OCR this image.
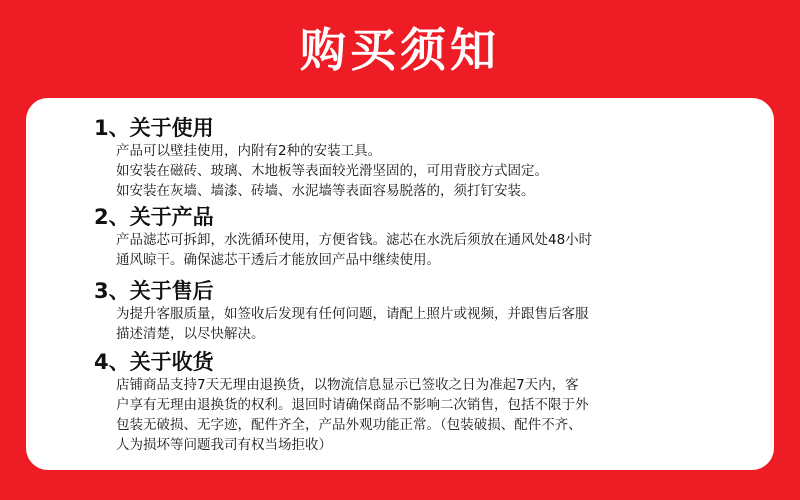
购买须知
1、关于使用
产品可以壁挂使用，内附有2种的安装工具。
如安装在磁砖、玻璃、木地板等表面较光滑坚固的，可用背胶方式固定。
如安装在灰墙、墙漆、砖墙、水泥墙等表面容易脱落的，须打钉安装。
2、关于产品
产品滤芯可拆卸，水洗循环使用，方便省钱。滤芯在水洗后须放在通风处48小时
通风晾干。确保滤芯干透后才能放回产品中继续使用。
3、关于售后
为提升客服质量，如签收后发现有任何问题，请配上照片或视频，并跟售后客服
描述清楚，以尽快解决。
4、关于收货
店铺商品支持7天无理由退换货，以物流信息显示已签收之日为准起7天内，客
户享有无理由退换货的权利。退回时请确保商品不影响二次销售，包括不限于外
包装无破损、无字迹，配件齐全，产品外观功能正常。（包装破损、配件不齐、
人为损坏等问题我司有权当场拒收）
